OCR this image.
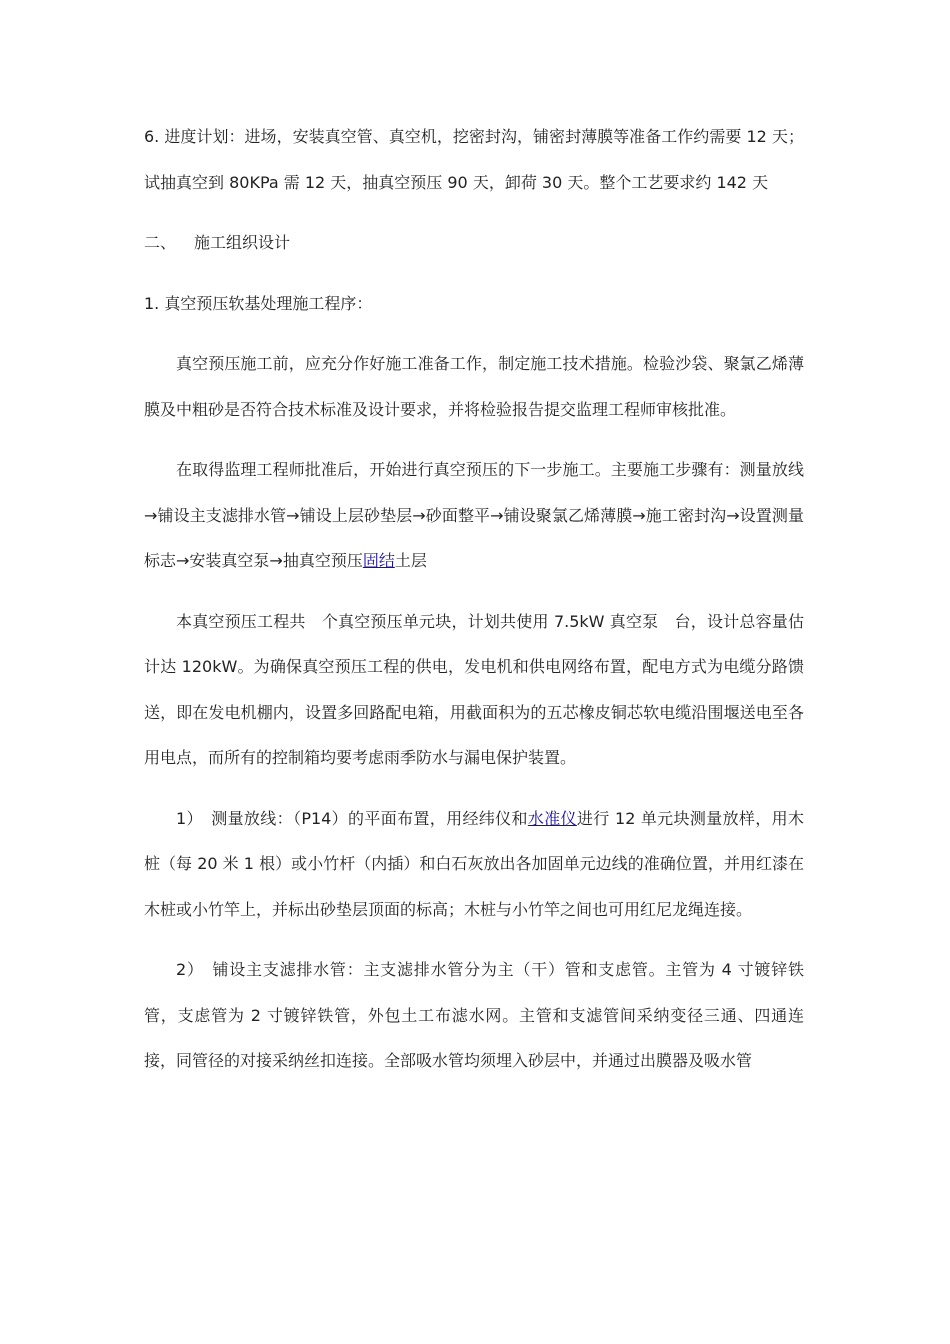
6. 进度计划：进场，安装真空管、真空机，挖密封沟，铺密封薄膜等准备工作约需要 12 天；试抽真空到 80KPa 需 12 天，抽真空预压 90 天，卸荷 30 天。整个工艺要求约 142 天

二、 施工组织设计

1. 真空预压软基处理施工程序：

真空预压施工前，应充分作好施工准备工作，制定施工技术措施。检验沙袋、聚氯乙烯薄膜及中粗砂是否符合技术标准及设计要求，并将检验报告提交监理工程师审核批准。

在取得监理工程师批准后，开始进行真空预压的下一步施工。主要施工步骤有：测量放线→铺设主支滤排水管→铺设上层砂垫层→砂面整平→铺设聚氯乙烯薄膜→施工密封沟→设置测量标志→安装真空泵→抽真空预压固结土层

本真空预压工程共　个真空预压单元块，计划共使用 7.5kW 真空泵　台，设计总容量估计达 120kW。为确保真空预压工程的供电，发电机和供电网络布置，配电方式为电缆分路馈送，即在发电机棚内，设置多回路配电箱，用截面积为的五芯橡皮铜芯软电缆沿围堰送电至各用电点，而所有的控制箱均要考虑雨季防水与漏电保护装置。

1）　测量放线：（P14）的平面布置，用经纬仪和水准仪进行 12 单元块测量放样，用木桩（每 20 米 1 根）或小竹杆（内插）和白石灰放出各加固单元边线的准确位置，并用红漆在木桩或小竹竿上，并标出砂垫层顶面的标高；木桩与小竹竿之间也可用红尼龙绳连接。

2）　铺设主支滤排水管：主支滤排水管分为主（干）管和支虑管。主管为 4 寸镀锌铁管，支虑管为 2 寸镀锌铁管，外包土工布滤水网。主管和支滤管间采纳变径三通、四通连接，同管径的对接采纳丝扣连接。全部吸水管均须埋入砂层中，并通过出膜器及吸水管
